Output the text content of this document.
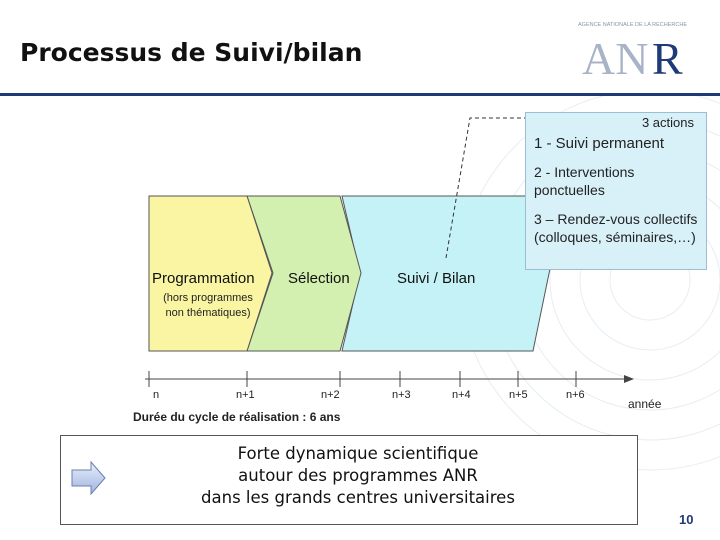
Processus de Suivi/bilan
AGENCE NATIONALE DE LA RECHERCHE
AN R
3 actions
1 - Suivi permanent
2 - Interventions ponctuelles
3 – Rendez-vous collectifs (colloques, séminaires,…)
Programmation
(hors programmes non thématiques)
Sélection	Suivi / Bilan
n	n+1	n+2	n+3	n+4	n+5	n+6
année
Durée du cycle de réalisation : 6 ans
Forte dynamique scientifique
autour des programmes ANR
dans les grands centres universitaires
10
